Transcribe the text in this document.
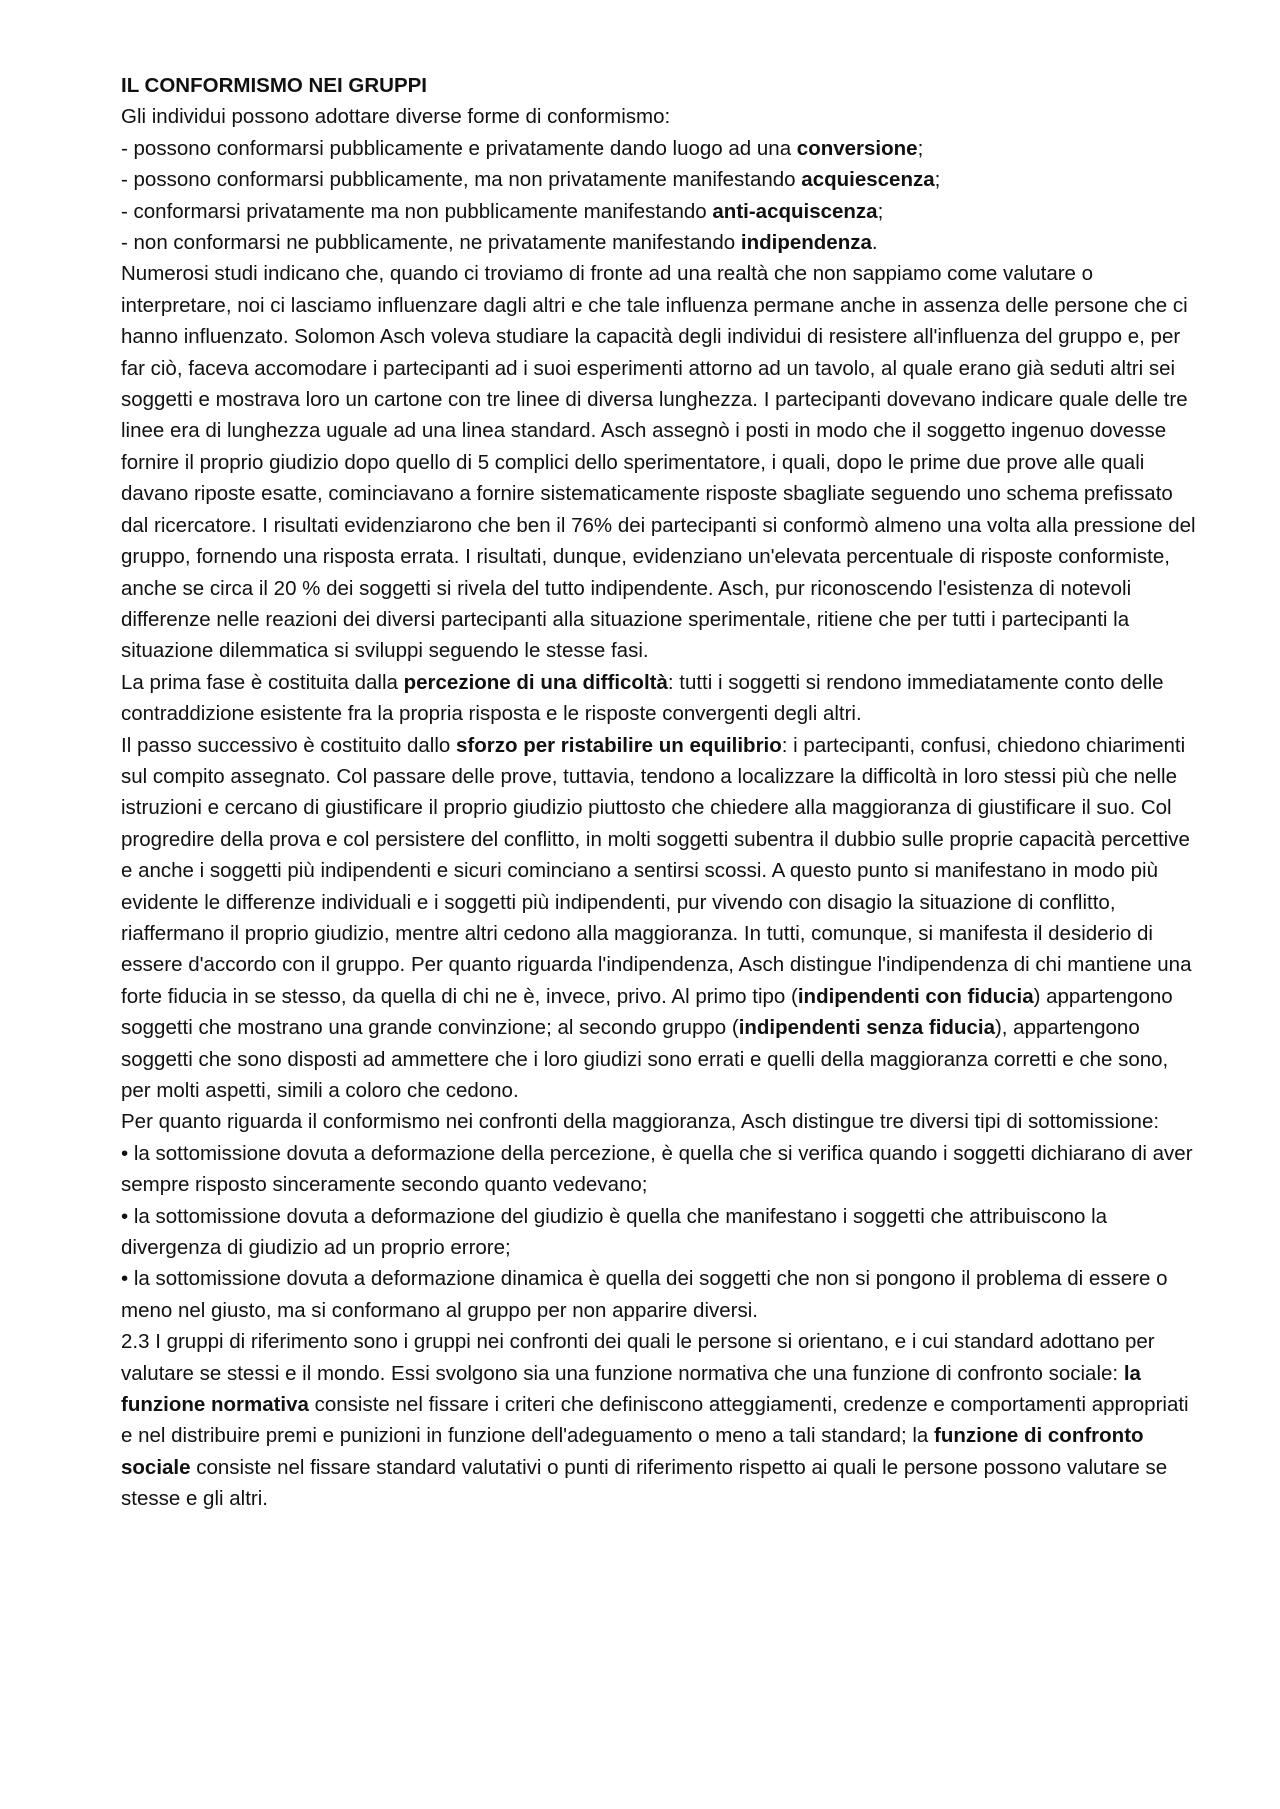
IL CONFORMISMO NEI GRUPPI

Gli individui possono adottare diverse forme di conformismo:

- possono conformarsi pubblicamente e privatamente dando luogo ad una conversione;

- possono conformarsi pubblicamente, ma non privatamente manifestando acquiescenza;

- conformarsi privatamente ma non pubblicamente manifestando anti-acquiscenza;

- non conformarsi ne pubblicamente, ne privatamente manifestando indipendenza.

Numerosi studi indicano che, quando ci troviamo di fronte ad una realtà che non sappiamo come valutare o interpretare, noi ci lasciamo influenzare dagli altri e che tale influenza permane anche in assenza delle persone che ci hanno influenzato. Solomon Asch voleva studiare la capacità degli individui di resistere all'influenza del gruppo e, per far ciò, faceva accomodare i partecipanti ad i suoi esperimenti attorno ad un tavolo, al quale erano già seduti altri sei soggetti e mostrava loro un cartone con tre linee di diversa lunghezza. I partecipanti dovevano indicare quale delle tre linee era di lunghezza uguale ad una linea standard. Asch assegnò i posti in modo che il soggetto ingenuo dovesse fornire il proprio giudizio dopo quello di 5 complici dello sperimentatore, i quali, dopo le prime due prove alle quali davano riposte esatte, cominciavano a fornire sistematicamente risposte sbagliate seguendo uno schema prefissato dal ricercatore. I risultati evidenziarono che ben il 76% dei partecipanti si conformò almeno una volta alla pressione del gruppo, fornendo una risposta errata. I risultati, dunque, evidenziano un'elevata percentuale di risposte conformiste, anche se circa il 20 % dei soggetti si rivela del tutto indipendente. Asch, pur riconoscendo l'esistenza di notevoli differenze nelle reazioni dei diversi partecipanti alla situazione sperimentale, ritiene che per tutti i partecipanti la situazione dilemmatica si sviluppi seguendo le stesse fasi.

La prima fase è costituita dalla percezione di una difficoltà: tutti i soggetti si rendono immediatamente conto delle contraddizione esistente fra la propria risposta e le risposte convergenti degli altri.

Il passo successivo è costituito dallo sforzo per ristabilire un equilibrio: i partecipanti, confusi, chiedono chiarimenti sul compito assegnato. Col passare delle prove, tuttavia, tendono a localizzare la difficoltà in loro stessi più che nelle istruzioni e cercano di giustificare il proprio giudizio piuttosto che chiedere alla maggioranza di giustificare il suo. Col progredire della prova e col persistere del conflitto, in molti soggetti subentra il dubbio sulle proprie capacità percettive e anche i soggetti più indipendenti e sicuri cominciano a sentirsi scossi. A questo punto si manifestano in modo più evidente le differenze individuali e i soggetti più indipendenti, pur vivendo con disagio la situazione di conflitto, riaffermano il proprio giudizio, mentre altri cedono alla maggioranza. In tutti, comunque, si manifesta il desiderio di essere d'accordo con il gruppo. Per quanto riguarda l'indipendenza, Asch distingue l'indipendenza di chi mantiene una forte fiducia in se stesso, da quella di chi ne è, invece, privo. Al primo tipo (indipendenti con fiducia) appartengono soggetti che mostrano una grande convinzione; al secondo gruppo (indipendenti senza fiducia), appartengono soggetti che sono disposti ad ammettere che i loro giudizi sono errati e quelli della maggioranza corretti e che sono, per molti aspetti, simili a coloro che cedono.

Per quanto riguarda il conformismo nei confronti della maggioranza, Asch distingue tre diversi tipi di sottomissione:

• la sottomissione dovuta a deformazione della percezione, è quella che si verifica quando i soggetti dichiarano di aver sempre risposto sinceramente secondo quanto vedevano;

• la sottomissione dovuta a deformazione del giudizio è quella che manifestano i soggetti che attribuiscono la divergenza di giudizio ad un proprio errore;

• la sottomissione dovuta a deformazione dinamica è quella dei soggetti che non si pongono il problema di essere o meno nel giusto, ma si conformano al gruppo per non apparire diversi.

2.3 I gruppi di riferimento sono i gruppi nei confronti dei quali le persone si orientano, e i cui standard adottano per valutare se stessi e il mondo. Essi svolgono sia una funzione normativa che una funzione di confronto sociale: la funzione normativa consiste nel fissare i criteri che definiscono atteggiamenti, credenze e comportamenti appropriati e nel distribuire premi e punizioni in funzione dell'adeguamento o meno a tali standard; la funzione di confronto sociale consiste nel fissare standard valutativi o punti di riferimento rispetto ai quali le persone possono valutare se stesse e gli altri.
